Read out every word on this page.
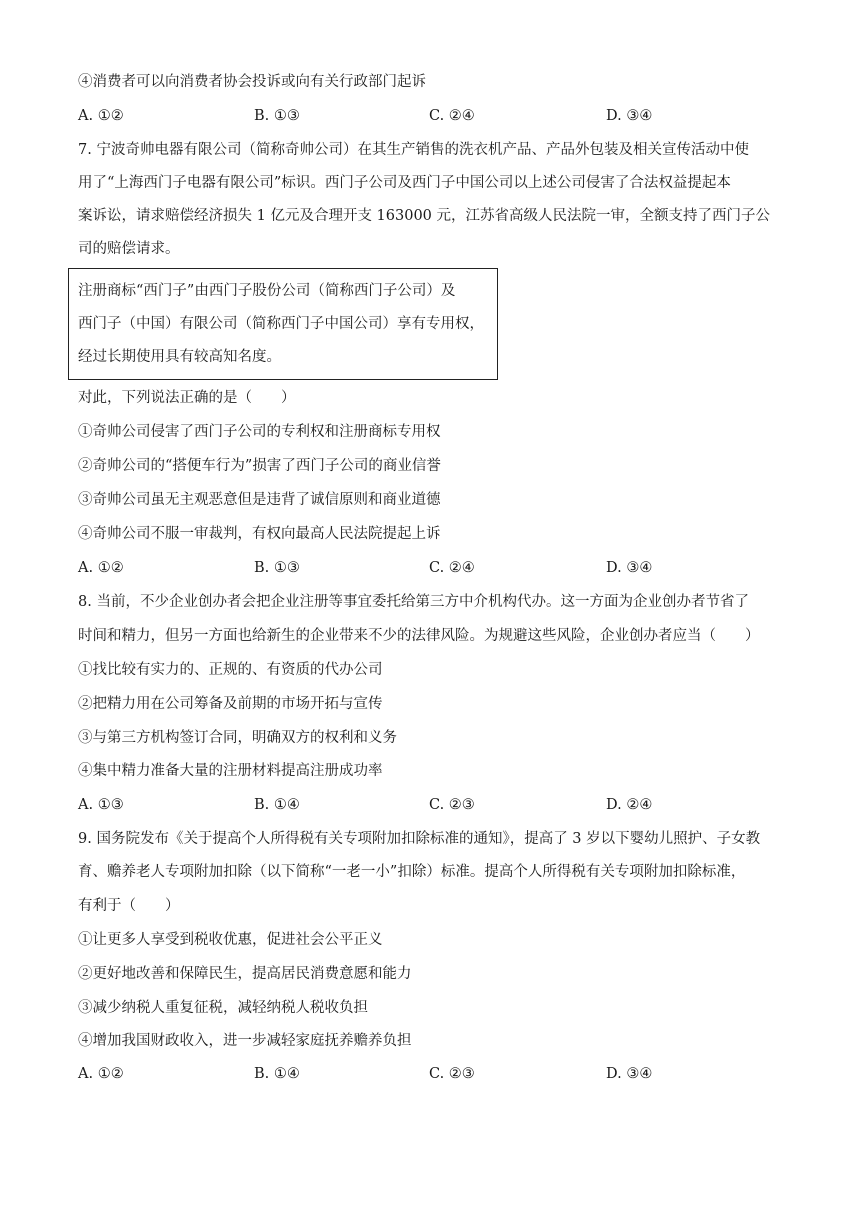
④消费者可以向消费者协会投诉或向有关行政部门起诉
A. ①②	B. ①③	C. ②④	D. ③④
7. 宁波奇帅电器有限公司（简称奇帅公司）在其生产销售的洗衣机产品、产品外包装及相关宣传活动中使
用了“上海西门子电器有限公司”标识。西门子公司及西门子中国公司以上述公司侵害了合法权益提起本
案诉讼，请求赔偿经济损失 1 亿元及合理开支 163000 元，江苏省高级人民法院一审，全额支持了西门子公
司的赔偿请求。
注册商标“西门子”由西门子股份公司（简称西门子公司）及
西门子（中国）有限公司（简称西门子中国公司）享有专用权，
经过长期使用具有较高知名度。
对此，下列说法正确的是（　　）
①奇帅公司侵害了西门子公司的专利权和注册商标专用权
②奇帅公司的“搭便车行为”损害了西门子公司的商业信誉
③奇帅公司虽无主观恶意但是违背了诚信原则和商业道德
④奇帅公司不服一审裁判，有权向最高人民法院提起上诉
A. ①②	B. ①③	C. ②④	D. ③④
8. 当前，不少企业创办者会把企业注册等事宜委托给第三方中介机构代办。这一方面为企业创办者节省了
时间和精力，但另一方面也给新生的企业带来不少的法律风险。为规避这些风险，企业创办者应当（　　）
①找比较有实力的、正规的、有资质的代办公司
②把精力用在公司筹备及前期的市场开拓与宣传
③与第三方机构签订合同，明确双方的权利和义务
④集中精力准备大量的注册材料提高注册成功率
A. ①③	B. ①④	C. ②③	D. ②④
9. 国务院发布《关于提高个人所得税有关专项附加扣除标准的通知》，提高了 3 岁以下婴幼儿照护、子女教
育、赡养老人专项附加扣除（以下简称“一老一小”扣除）标准。提高个人所得税有关专项附加扣除标准，
有利于（　　）
①让更多人享受到税收优惠，促进社会公平正义
②更好地改善和保障民生，提高居民消费意愿和能力
③减少纳税人重复征税，减轻纳税人税收负担
④增加我国财政收入，进一步减轻家庭抚养赡养负担
A. ①②	B. ①④	C. ②③	D. ③④
